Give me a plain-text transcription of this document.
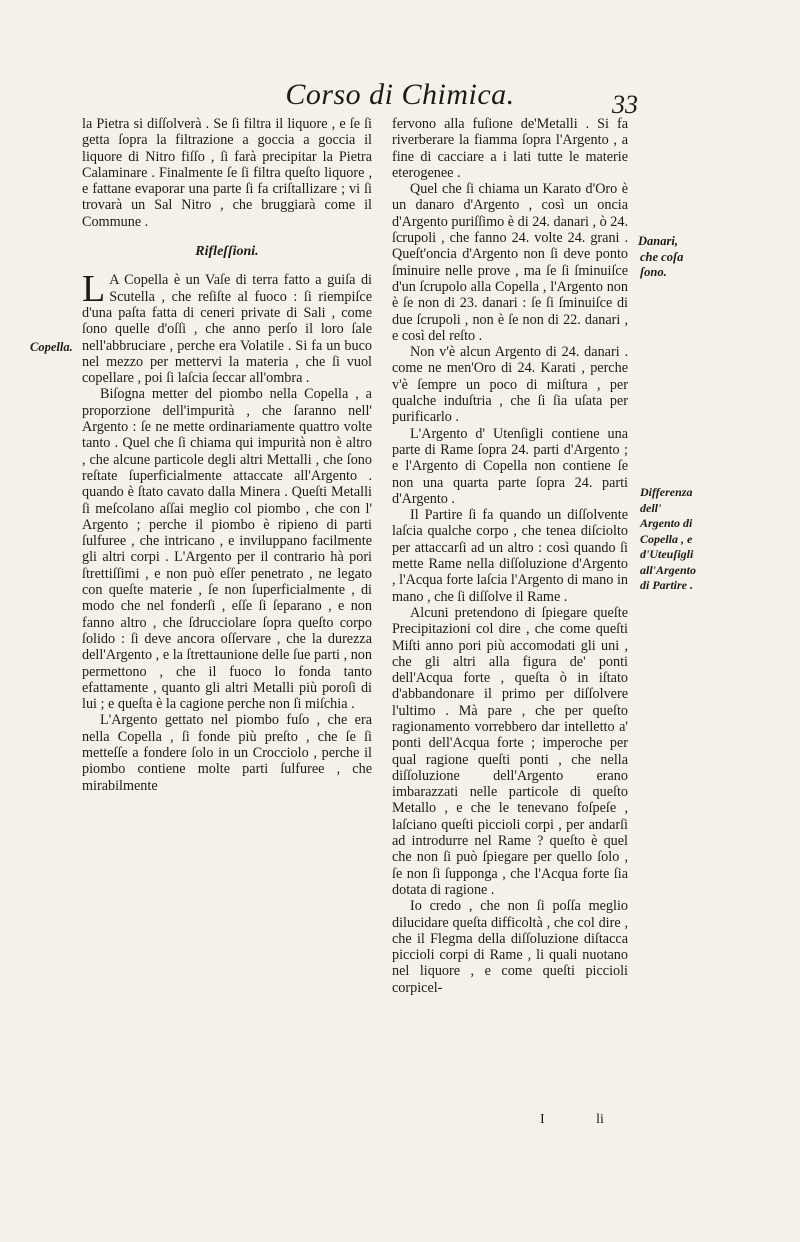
Corso di Chimica.	33
Copella.
Danari,
che coſa ſono.
Differenza dell' Argento di Copella , e d'Uteuſigli all'Argento di Partire .

la Pietra si diſſolverà . Se ſi filtra il liquore , e ſe ſi getta ſopra la filtrazione a goccia a goccia il liquore di Nitro fiſſo , ſi farà precipitar la Pietra Calaminare . Finalmente ſe ſi filtra queſto liquore , e fattane evaporar una parte ſi fa criſtallizare ; vi ſi trovarà un Sal Nitro , che bruggiarà come il Commune .

Rifleſſioni.

L A Copella è un Vaſe di terra fatto a guiſa di Scutella , che reſiſte al fuoco : ſi riempiſce d'una paſta fatta di ceneri private di Sali , come ſono quelle d'oſſi , che anno perſo il loro ſale nell'abbruciare , perche era Volatile . Si fa un buco nel mezzo per mettervi la materia , che ſi vuol copellare , poi ſi laſcia ſeccar all'ombra .

Biſogna metter del piombo nella Copella , a proporzione dell'impurità , che ſaranno nell' Argento : ſe ne mette ordinariamente quattro volte tanto . Quel che ſi chiama qui impurità non è altro , che alcune particole degli altri Mettalli , che ſono reſtate ſuperficialmente attaccate all'Argento . quando è ſtato cavato dalla Minera . Queſti Metalli ſi meſcolano aſſai meglio col piombo , che con l' Argento ; perche il piombo è ripieno di parti ſulfuree , che intricano , e inviluppano facilmente gli altri corpi . L'Argento per il contrario hà pori ſtrettiſſimi , e non può eſſer penetrato , ne legato con queſte materie , ſe non ſuperficialmente , di modo che nel fonderſi , eſſe ſi ſeparano , e non fanno altro , che ſdrucciolare ſopra queſto corpo ſolido : ſi deve ancora oſſervare , che la durezza dell'Argento , e la ſtrettaunione delle ſue parti , non permettono , che il fuoco lo fonda tanto efattamente , quanto gli altri Metalli più poroſi di lui ; e queſta è la cagione perche non ſi miſchia .

L'Argento gettato nel piombo fuſo , che era nella Copella , ſi fonde più preſto , che ſe ſi metteſſe a fondere ſolo in un Crocciolo , perche il piombo contiene molte parti ſulfuree , che mirabilmente

fervono alla fuſione de'Metalli . Si fa riverberare la fiamma ſopra l'Argento , a fine di cacciare a i lati tutte le materie eterogenee .

Quel che ſi chiama un Karato d'Oro è un danaro d'Argento , così un oncia d'Argento puriſſimo è di 24. danari , ò 24. ſcrupoli , che fanno 24. volte 24. grani . Queſt'oncia d'Argento non ſi deve ponto ſminuire nelle prove , ma ſe ſi ſminuiſce d'un ſcrupolo alla Copella , l'Argento non è ſe non di 23. danari : ſe ſi ſminuiſce di due ſcrupoli , non è ſe non di 22. danari , e così del reſto .

Non v'è alcun Argento di 24. danari . come ne men'Oro di 24. Karati , perche v'è ſempre un poco di miſtura , per qualche induſtria , che ſi ſia uſata per purificarlo .

L'Argento d' Utenſigli contiene una parte di Rame ſopra 24. parti d'Argento ; e l'Argento di Copella non contiene ſe non una quarta parte ſopra 24. parti d'Argento .

Il Partire ſi fa quando un diſſolvente laſcia qualche corpo , che tenea diſciolto per attaccarſi ad un altro : così quando ſi mette Rame nella diſſoluzione d'Argento , l'Acqua forte laſcia l'Argento di mano in mano , che ſi diſſolve il Rame .

Alcuni pretendono di ſpiegare queſte Precipitazioni col dire , che come queſti Miſti anno pori più accomodati gli uni , che gli altri alla figura de' ponti dell'Acqua forte , queſta ò in iſtato d'abbandonare il primo per diſſolvere l'ultimo . Mà pare , che per queſto ragionamento vorrebbero dar intelletto a' ponti dell'Acqua forte ; imperoche per qual ragione queſti ponti , che nella diſſoluzione dell'Argento erano imbarazzati nelle particole di queſto Metallo , e che le tenevano foſpeſe , laſciano queſti piccioli corpi , per andarſi ad introdurre nel Rame ? queſto è quel che non ſi può ſpiegare per quello ſolo , ſe non ſi ſupponga , che l'Acqua forte ſia dotata di ragione .

Io credo , che non ſi poſſa meglio dilucidare queſta difficoltà , che col dire , che il Flegma della diſſoluzione diſtacca piccioli corpi di Rame , li quali nuotano nel liquore , e come queſti piccioli corpicel-

I	li
